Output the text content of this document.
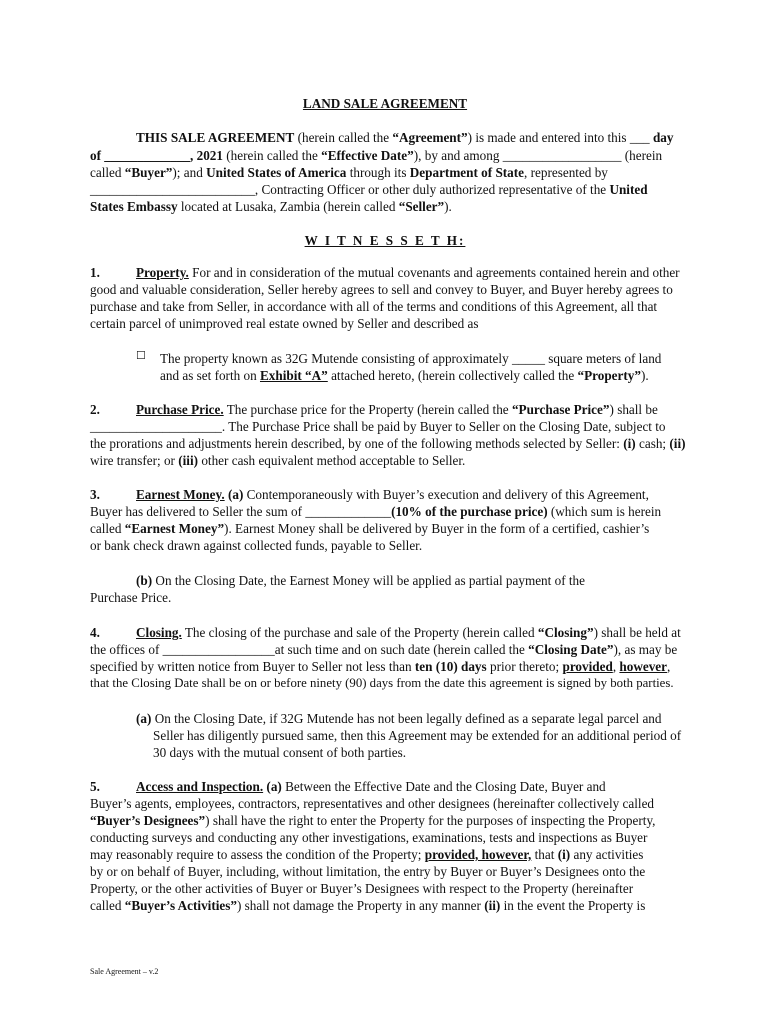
LAND SALE AGREEMENT
THIS SALE AGREEMENT (herein called the “Agreement”) is made and entered into this ___ day
of _____________, 2021 (herein called the “Effective Date”), by and among __________________ (herein
called “Buyer”); and United States of America through its Department of State, represented by
_________________________, Contracting Officer or other duly authorized representative of the United
States Embassy located at Lusaka, Zambia (herein called “Seller”).
W I T N E S S E T H:
1.	Property. For and in consideration of the mutual covenants and agreements contained herein and other
good and valuable consideration, Seller hereby agrees to sell and convey to Buyer, and Buyer hereby agrees to
purchase and take from Seller, in accordance with all of the terms and conditions of this Agreement, all that
certain parcel of unimproved real estate owned by Seller and described as
☐ The property known as 32G Mutende consisting of approximately _____ square meters of land
and as set forth on Exhibit “A” attached hereto, (herein collectively called the “Property”).
2.	Purchase Price. The purchase price for the Property (herein called the “Purchase Price”) shall be
____________________. The Purchase Price shall be paid by Buyer to Seller on the Closing Date, subject to
the prorations and adjustments herein described, by one of the following methods selected by Seller: (i) cash; (ii)
wire transfer; or (iii) other cash equivalent method acceptable to Seller.
3.	Earnest Money. (a) Contemporaneously with Buyer’s execution and delivery of this Agreement,
Buyer has delivered to Seller the sum of _____________(10% of the purchase price) (which sum is herein
called “Earnest Money”). Earnest Money shall be delivered by Buyer in the form of a certified, cashier’s
or bank check drawn against collected funds, payable to Seller.
(b) On the Closing Date, the Earnest Money will be applied as partial payment of the
Purchase Price.
4.	Closing. The closing of the purchase and sale of the Property (herein called “Closing”) shall be held at
the offices of _________________at such time and on such date (herein called the “Closing Date”), as may be
specified by written notice from Buyer to Seller not less than ten (10) days prior thereto; provided, however,
that the Closing Date shall be on or before ninety (90) days from the date this agreement is signed by both parties.
(a) On the Closing Date, if 32G Mutende has not been legally defined as a separate legal parcel and
Seller has diligently pursued same, then this Agreement may be extended for an additional period of
30 days with the mutual consent of both parties.
5.	Access and Inspection. (a) Between the Effective Date and the Closing Date, Buyer and
Buyer’s agents, employees, contractors, representatives and other designees (hereinafter collectively called
“Buyer’s Designees”) shall have the right to enter the Property for the purposes of inspecting the Property,
conducting surveys and conducting any other investigations, examinations, tests and inspections as Buyer
may reasonably require to assess the condition of the Property; provided, however, that (i) any activities
by or on behalf of Buyer, including, without limitation, the entry by Buyer or Buyer’s Designees onto the
Property, or the other activities of Buyer or Buyer’s Designees with respect to the Property (hereinafter
called “Buyer’s Activities”) shall not damage the Property in any manner (ii) in the event the Property is
Sale Agreement – v.2
